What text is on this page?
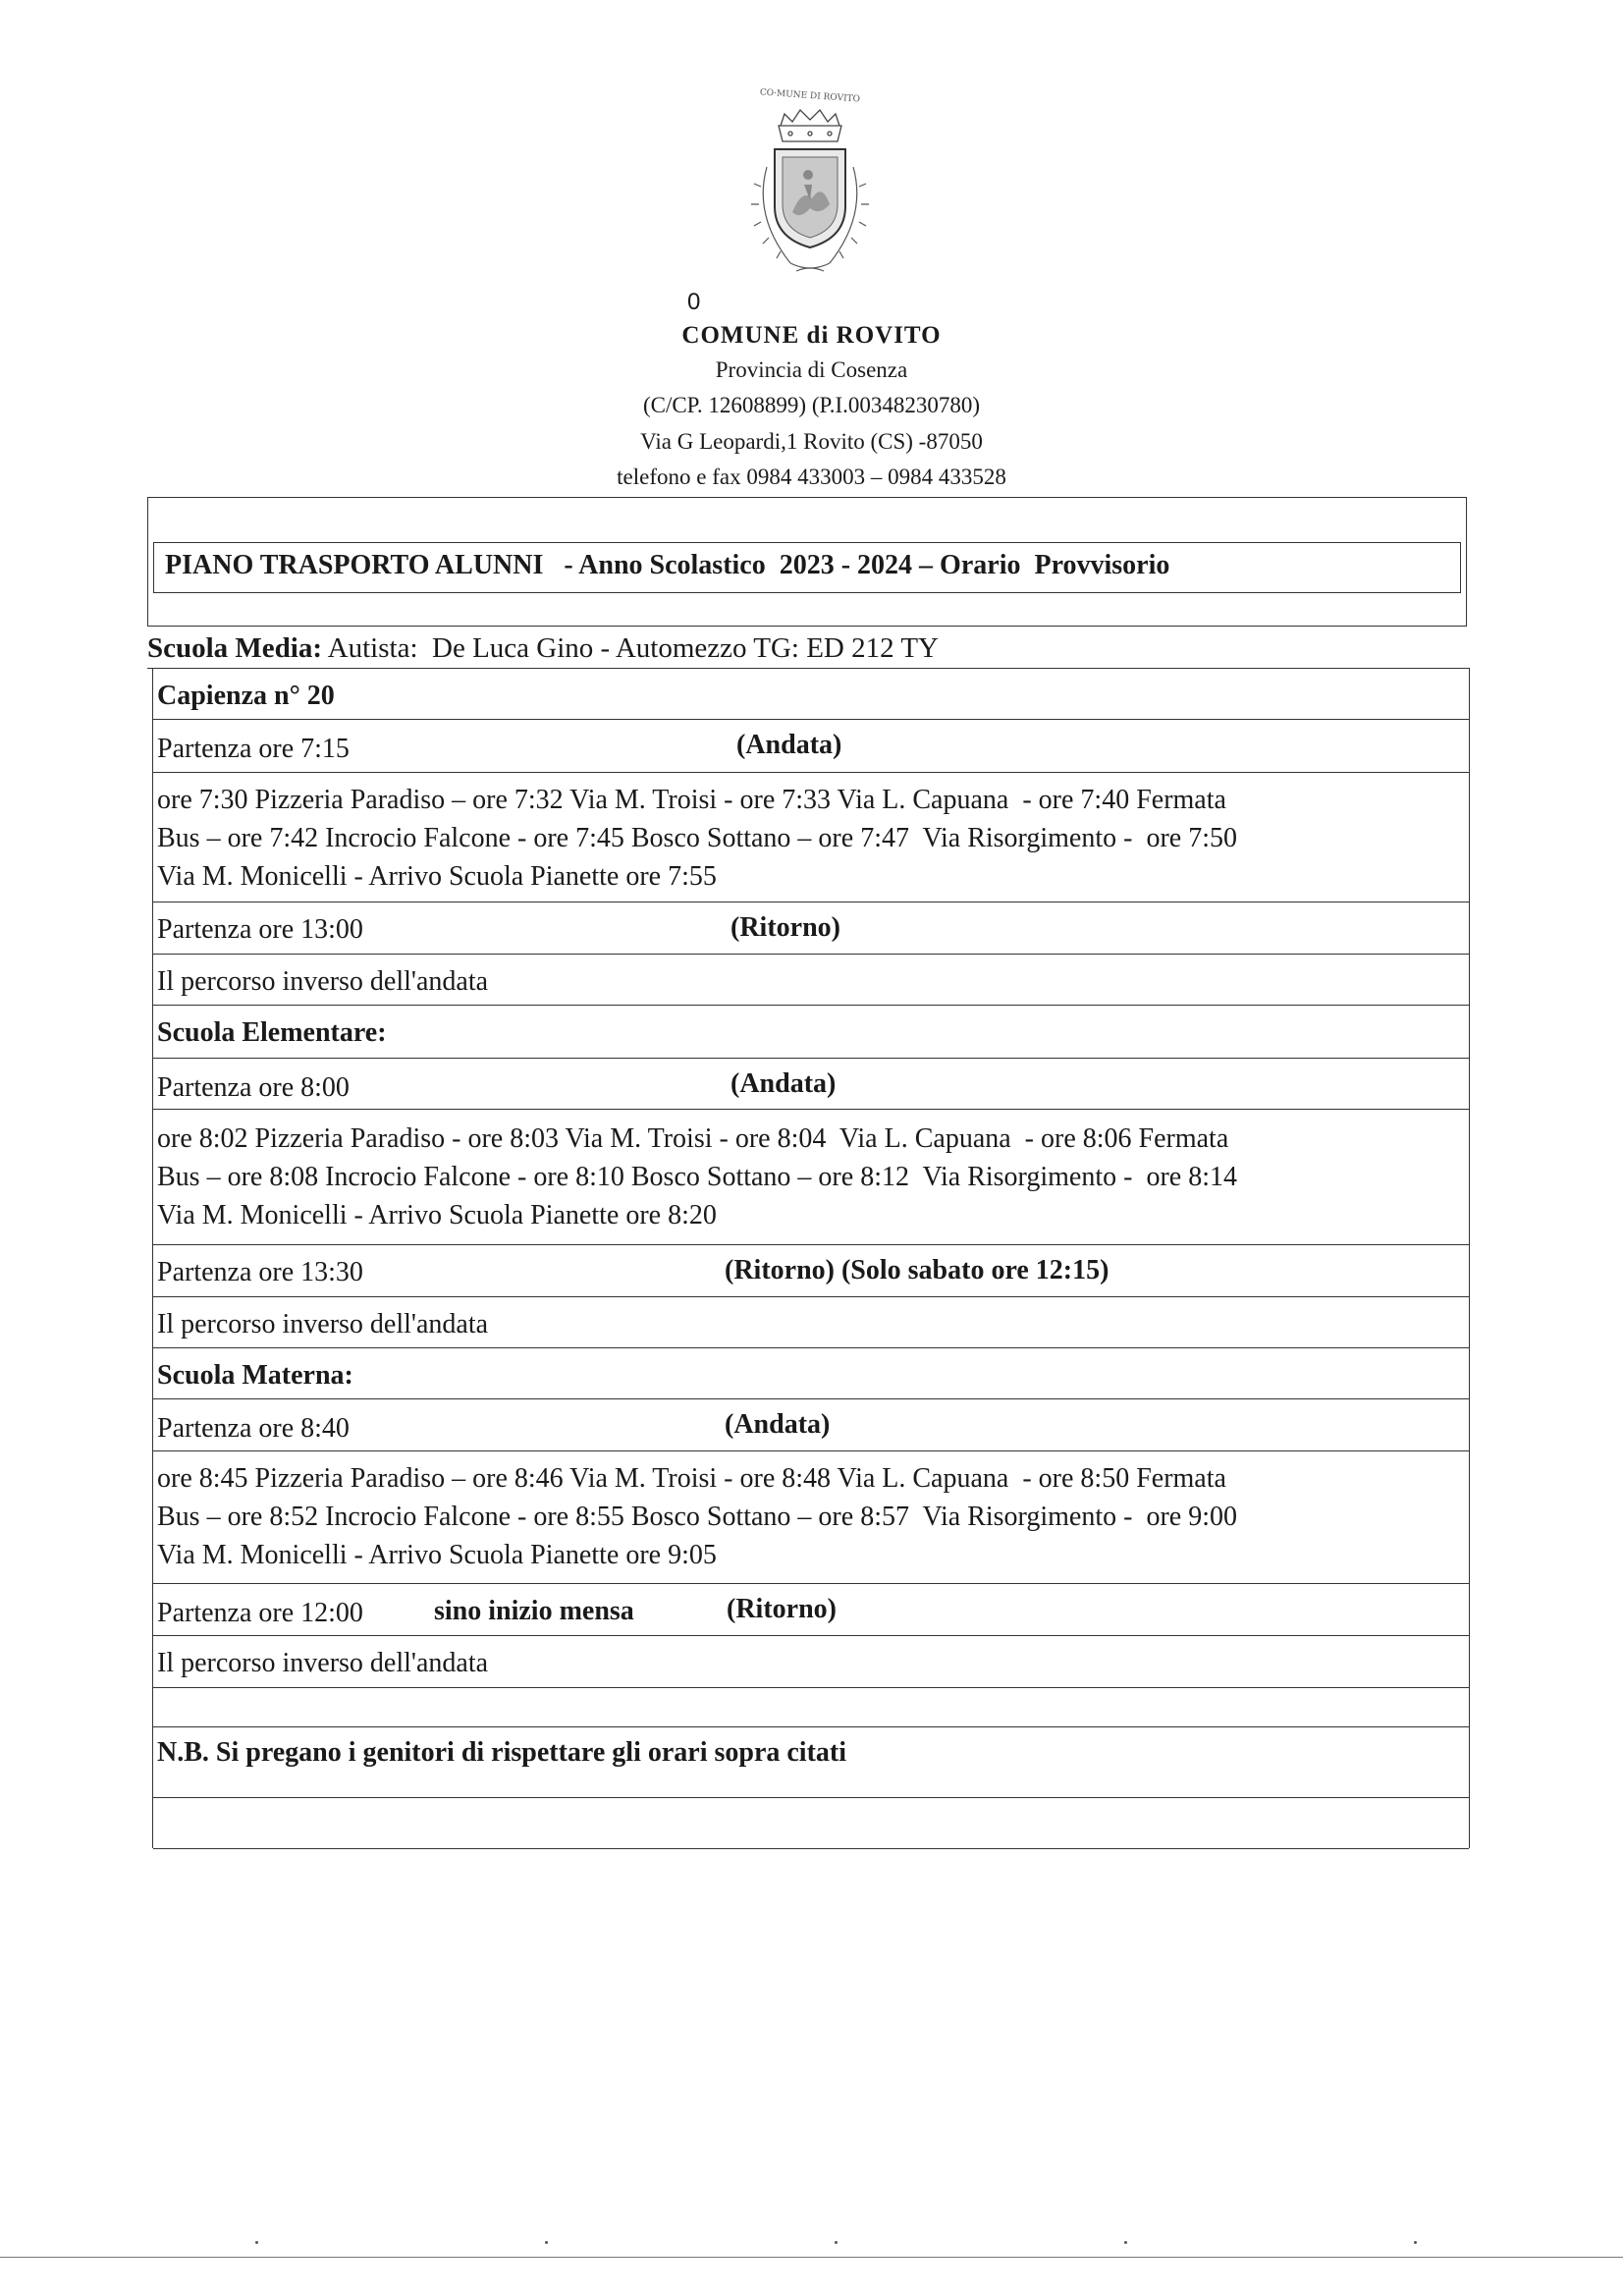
CO·MUNE DI ROVITO
0
COMUNE di ROVITO
Provincia di Cosenza
(C/CP. 12608899) (P.I.00348230780)
Via G Leopardi,1 Rovito (CS) -87050
telefono e fax 0984 433003 – 0984 433528
PIANO TRASPORTO ALUNNI   - Anno Scolastico  2023 - 2024 – Orario  Provvisorio
Scuola Media: Autista:  De Luca Gino - Automezzo TG: ED 212 TY
Capienza n° 20
Partenza ore 7:15	(Andata)
ore 7:30 Pizzeria Paradiso – ore 7:32 Via M. Troisi - ore 7:33 Via L. Capuana  - ore 7:40 Fermata
Bus – ore 7:42 Incrocio Falcone - ore 7:45 Bosco Sottano – ore 7:47  Via Risorgimento -  ore 7:50
Via M. Monicelli - Arrivo Scuola Pianette ore 7:55
Partenza ore 13:00	(Ritorno)
Il percorso inverso dell'andata
Scuola Elementare:
Partenza ore 8:00	(Andata)
ore 8:02 Pizzeria Paradiso - ore 8:03 Via M. Troisi - ore 8:04  Via L. Capuana  - ore 8:06 Fermata
Bus – ore 8:08 Incrocio Falcone - ore 8:10 Bosco Sottano – ore 8:12  Via Risorgimento -  ore 8:14
Via M. Monicelli - Arrivo Scuola Pianette ore 8:20
Partenza ore 13:30	(Ritorno) (Solo sabato ore 12:15)
Il percorso inverso dell'andata
Scuola Materna:
Partenza ore 8:40	(Andata)
ore 8:45 Pizzeria Paradiso – ore 8:46 Via M. Troisi - ore 8:48 Via L. Capuana  - ore 8:50 Fermata
Bus – ore 8:52 Incrocio Falcone - ore 8:55 Bosco Sottano – ore 8:57  Via Risorgimento -  ore 9:00
Via M. Monicelli - Arrivo Scuola Pianette ore 9:05
Partenza ore 12:00	sino inizio mensa	(Ritorno)
Il percorso inverso dell'andata
N.B. Si pregano i genitori di rispettare gli orari sopra citati
